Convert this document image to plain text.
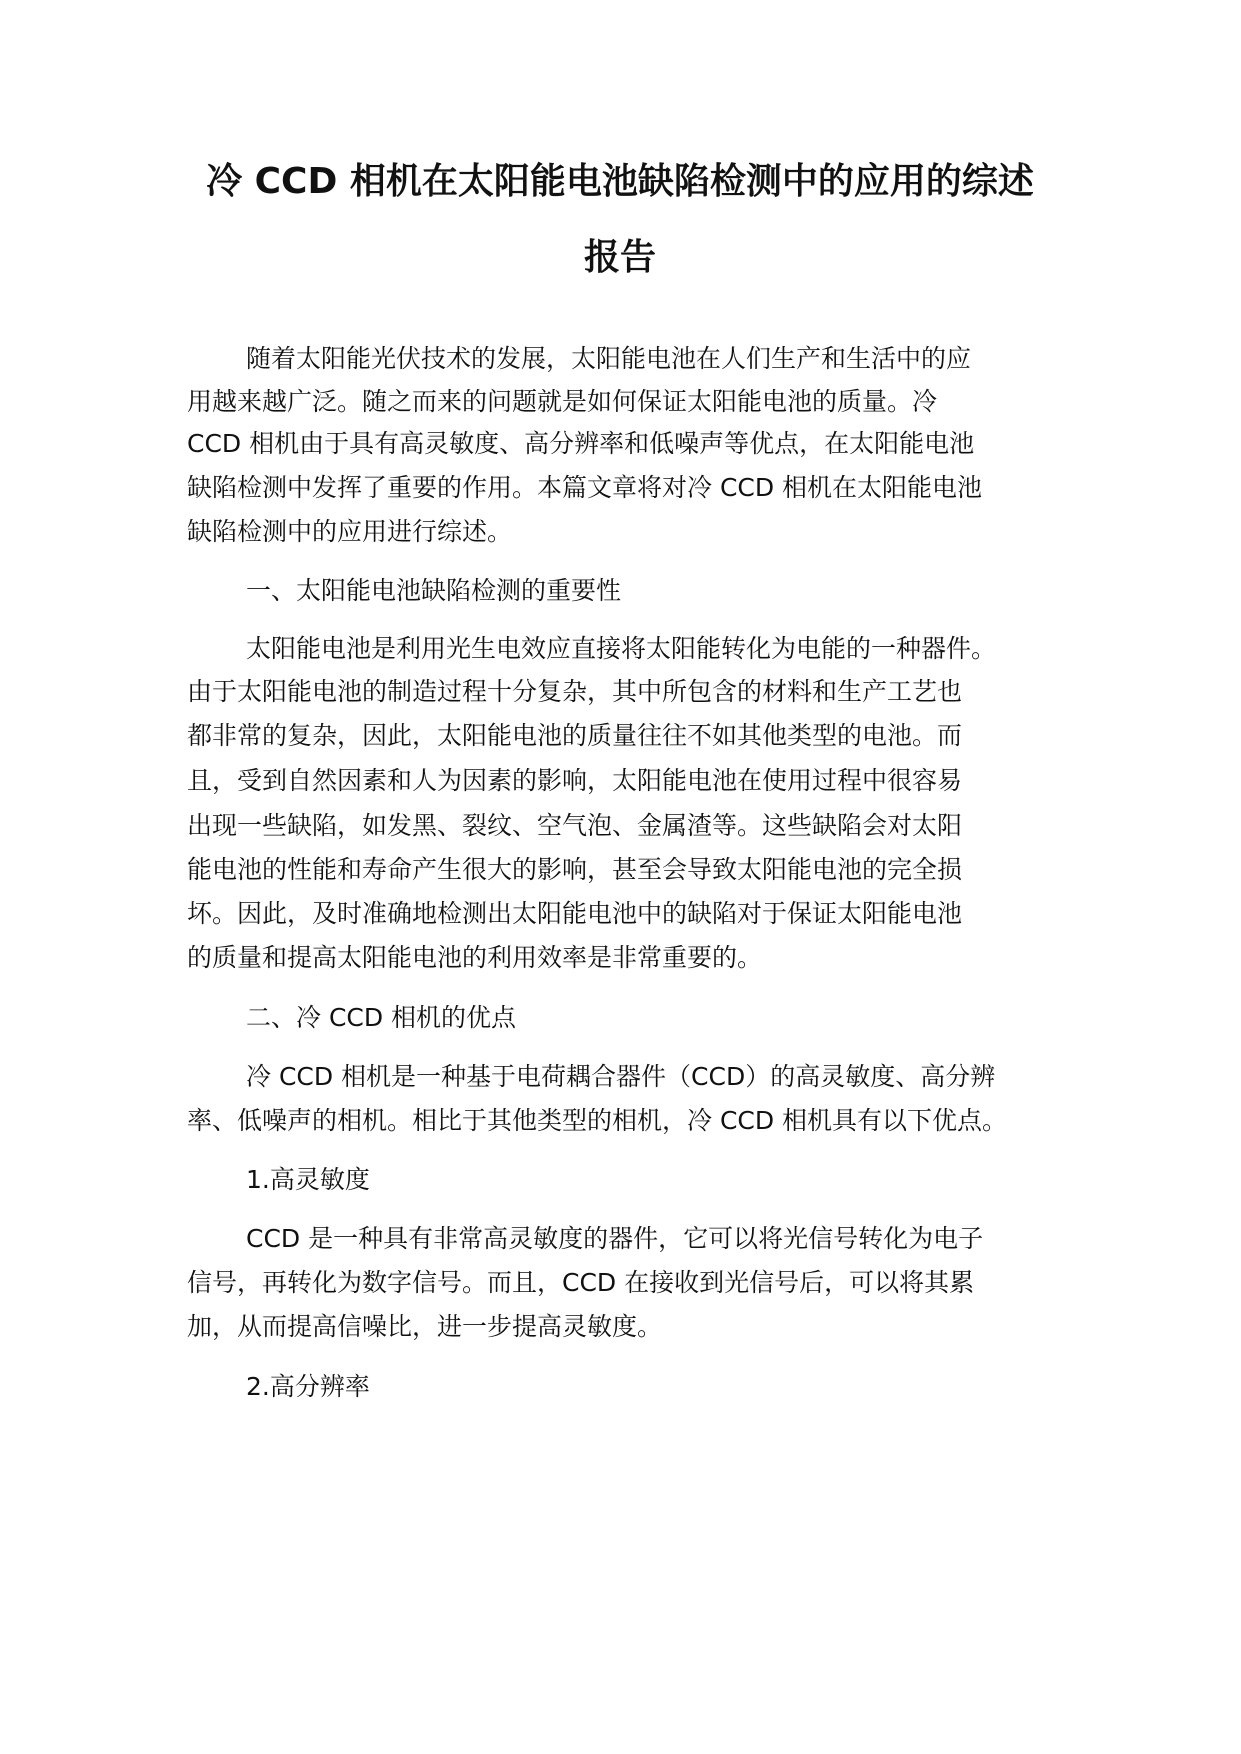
冷 CCD 相机在太阳能电池缺陷检测中的应用的综述
报告
随着太阳能光伏技术的发展，太阳能电池在人们生产和生活中的应
用越来越广泛。随之而来的问题就是如何保证太阳能电池的质量。冷
CCD 相机由于具有高灵敏度、高分辨率和低噪声等优点，在太阳能电池
缺陷检测中发挥了重要的作用。本篇文章将对冷 CCD 相机在太阳能电池
缺陷检测中的应用进行综述。
一、太阳能电池缺陷检测的重要性
太阳能电池是利用光生电效应直接将太阳能转化为电能的一种器件。
由于太阳能电池的制造过程十分复杂，其中所包含的材料和生产工艺也
都非常的复杂，因此，太阳能电池的质量往往不如其他类型的电池。而
且，受到自然因素和人为因素的影响，太阳能电池在使用过程中很容易
出现一些缺陷，如发黑、裂纹、空气泡、金属渣等。这些缺陷会对太阳
能电池的性能和寿命产生很大的影响，甚至会导致太阳能电池的完全损
坏。因此，及时准确地检测出太阳能电池中的缺陷对于保证太阳能电池
的质量和提高太阳能电池的利用效率是非常重要的。
二、冷 CCD 相机的优点
冷 CCD 相机是一种基于电荷耦合器件（CCD）的高灵敏度、高分辨
率、低噪声的相机。相比于其他类型的相机，冷 CCD 相机具有以下优点。
1.高灵敏度
CCD 是一种具有非常高灵敏度的器件，它可以将光信号转化为电子
信号，再转化为数字信号。而且，CCD 在接收到光信号后，可以将其累
加，从而提高信噪比，进一步提高灵敏度。
2.高分辨率
